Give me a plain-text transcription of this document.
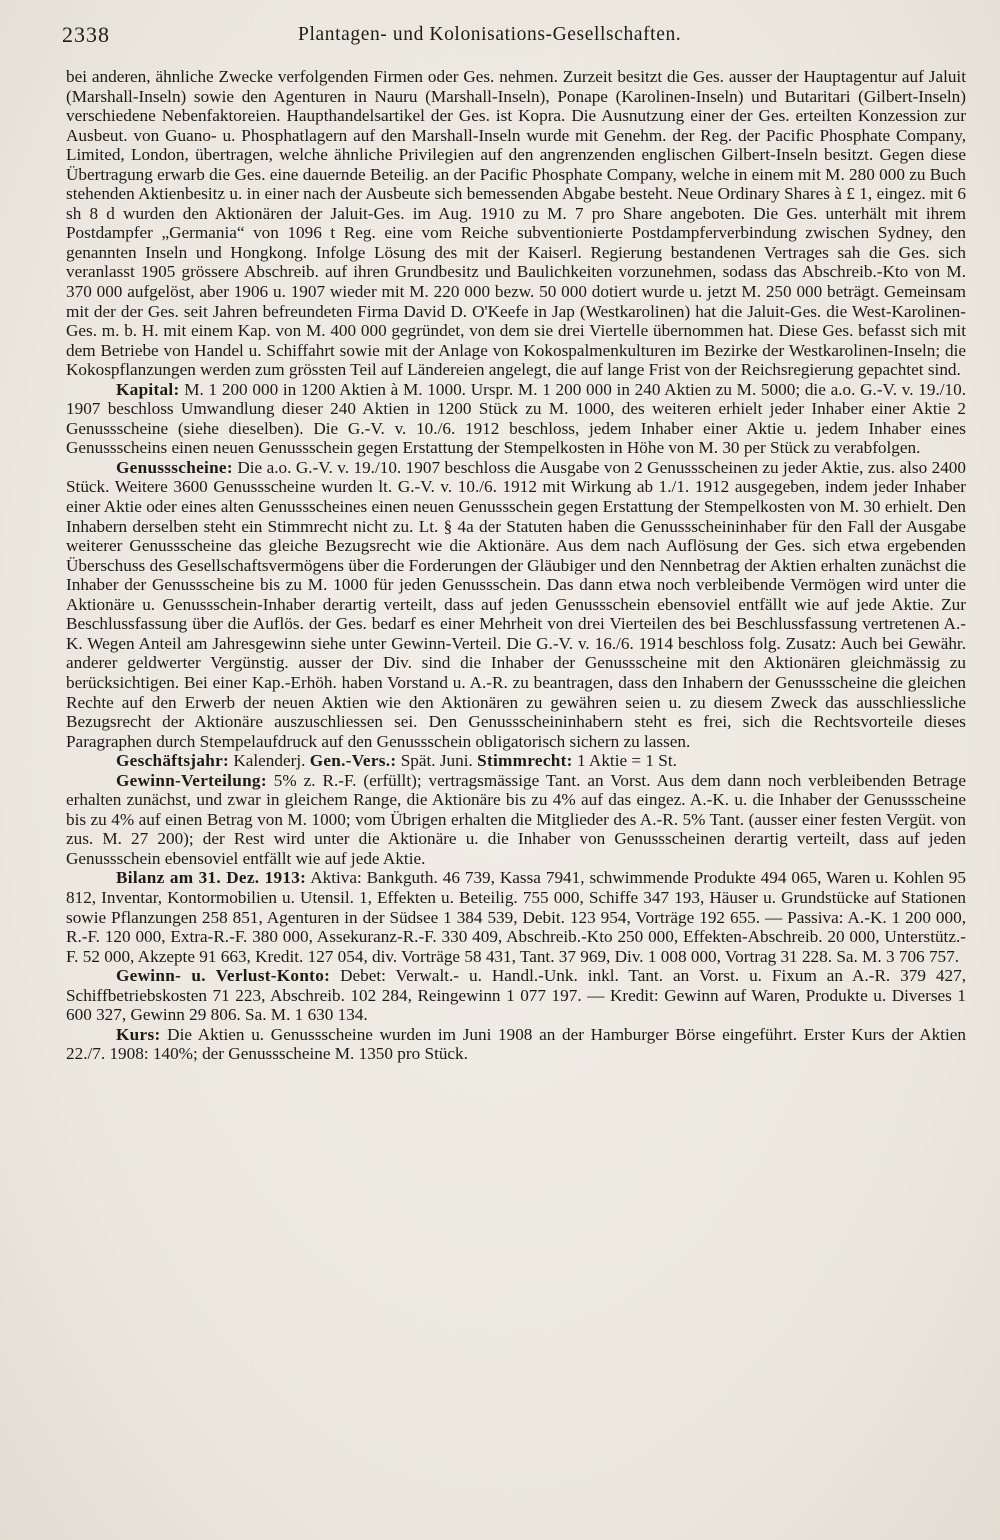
2338	Plantagen- und Kolonisations-Gesellschaften.

bei anderen, ähnliche Zwecke verfolgenden Firmen oder Ges. nehmen. Zurzeit besitzt die Ges. ausser der Hauptagentur auf Jaluit (Marshall-Inseln) sowie den Agenturen in Nauru (Marshall-Inseln), Ponape (Karolinen-Inseln) und Butaritari (Gilbert-Inseln) verschiedene Nebenfaktoreien. Haupthandelsartikel der Ges. ist Kopra. Die Ausnutzung einer der Ges. erteilten Konzession zur Ausbeut. von Guano- u. Phosphatlagern auf den Marshall-Inseln wurde mit Genehm. der Reg. der Pacific Phosphate Company, Limited, London, übertragen, welche ähnliche Privilegien auf den angrenzenden englischen Gilbert-Inseln besitzt. Gegen diese Übertragung erwarb die Ges. eine dauernde Beteilig. an der Pacific Phosphate Company, welche in einem mit M. 280 000 zu Buch stehenden Aktienbesitz u. in einer nach der Ausbeute sich bemessenden Abgabe besteht. Neue Ordinary Shares à £ 1, eingez. mit 6 sh 8 d wurden den Aktionären der Jaluit-Ges. im Aug. 1910 zu M. 7 pro Share angeboten. Die Ges. unterhält mit ihrem Postdampfer „Germania“ von 1096 t Reg. eine vom Reiche subventionierte Postdampferverbindung zwischen Sydney, den genannten Inseln und Hongkong. Infolge Lösung des mit der Kaiserl. Regierung bestandenen Vertrages sah die Ges. sich veranlasst 1905 grössere Abschreib. auf ihren Grundbesitz und Baulichkeiten vorzunehmen, sodass das Abschreib.-Kto von M. 370 000 aufgelöst, aber 1906 u. 1907 wieder mit M. 220 000 bezw. 50 000 dotiert wurde u. jetzt M. 250 000 beträgt. Gemeinsam mit der der Ges. seit Jahren befreundeten Firma David D. O'Keefe in Jap (Westkarolinen) hat die Jaluit-Ges. die West-Karolinen-Ges. m. b. H. mit einem Kap. von M. 400 000 gegründet, von dem sie drei Viertelle übernommen hat. Diese Ges. befasst sich mit dem Betriebe von Handel u. Schiffahrt sowie mit der Anlage von Kokospalmenkulturen im Bezirke der Westkarolinen-Inseln; die Kokospflanzungen werden zum grössten Teil auf Ländereien angelegt, die auf lange Frist von der Reichsregierung gepachtet sind.

Kapital: M. 1 200 000 in 1200 Aktien à M. 1000. Urspr. M. 1 200 000 in 240 Aktien zu M. 5000; die a.o. G.-V. v. 19./10. 1907 beschloss Umwandlung dieser 240 Aktien in 1200 Stück zu M. 1000, des weiteren erhielt jeder Inhaber einer Aktie 2 Genussscheine (siehe dieselben). Die G.-V. v. 10./6. 1912 beschloss, jedem Inhaber einer Aktie u. jedem Inhaber eines Genussscheins einen neuen Genussschein gegen Erstattung der Stempelkosten in Höhe von M. 30 per Stück zu verabfolgen.

Genussscheine: Die a.o. G.-V. v. 19./10. 1907 beschloss die Ausgabe von 2 Genussscheinen zu jeder Aktie, zus. also 2400 Stück. Weitere 3600 Genussscheine wurden lt. G.-V. v. 10./6. 1912 mit Wirkung ab 1./1. 1912 ausgegeben, indem jeder Inhaber einer Aktie oder eines alten Genussscheines einen neuen Genussschein gegen Erstattung der Stempelkosten von M. 30 erhielt. Den Inhabern derselben steht ein Stimmrecht nicht zu. Lt. § 4a der Statuten haben die Genussscheininhaber für den Fall der Ausgabe weiterer Genussscheine das gleiche Bezugsrecht wie die Aktionäre. Aus dem nach Auflösung der Ges. sich etwa ergebenden Überschuss des Gesellschaftsvermögens über die Forderungen der Gläubiger und den Nennbetrag der Aktien erhalten zunächst die Inhaber der Genussscheine bis zu M. 1000 für jeden Genussschein. Das dann etwa noch verbleibende Vermögen wird unter die Aktionäre u. Genussschein-Inhaber derartig verteilt, dass auf jeden Genussschein ebensoviel entfällt wie auf jede Aktie. Zur Beschlussfassung über die Auflös. der Ges. bedarf es einer Mehrheit von drei Vierteilen des bei Beschlussfassung vertretenen A.-K. Wegen Anteil am Jahresgewinn siehe unter Gewinn-Verteil. Die G.-V. v. 16./6. 1914 beschloss folg. Zusatz: Auch bei Gewähr. anderer geldwerter Vergünstig. ausser der Div. sind die Inhaber der Genussscheine mit den Aktionären gleichmässig zu berücksichtigen. Bei einer Kap.-Erhöh. haben Vorstand u. A.-R. zu beantragen, dass den Inhabern der Genussscheine die gleichen Rechte auf den Erwerb der neuen Aktien wie den Aktionären zu gewähren seien u. zu diesem Zweck das ausschliessliche Bezugsrecht der Aktionäre auszuschliessen sei. Den Genussscheininhabern steht es frei, sich die Rechtsvorteile dieses Paragraphen durch Stempelaufdruck auf den Genussschein obligatorisch sichern zu lassen.

Geschäftsjahr: Kalenderj. Gen.-Vers.: Spät. Juni. Stimmrecht: 1 Aktie = 1 St.

Gewinn-Verteilung: 5% z. R.-F. (erfüllt); vertragsmässige Tant. an Vorst. Aus dem dann noch verbleibenden Betrage erhalten zunächst, und zwar in gleichem Range, die Aktionäre bis zu 4% auf das eingez. A.-K. u. die Inhaber der Genussscheine bis zu 4% auf einen Betrag von M. 1000; vom Übrigen erhalten die Mitglieder des A.-R. 5% Tant. (ausser einer festen Vergüt. von zus. M. 27 200); der Rest wird unter die Aktionäre u. die Inhaber von Genussscheinen derartig verteilt, dass auf jeden Genussschein ebensoviel entfällt wie auf jede Aktie.

Bilanz am 31. Dez. 1913: Aktiva: Bankguth. 46 739, Kassa 7941, schwimmende Produkte 494 065, Waren u. Kohlen 95 812, Inventar, Kontormobilien u. Utensil. 1, Effekten u. Beteilig. 755 000, Schiffe 347 193, Häuser u. Grundstücke auf Stationen sowie Pflanzungen 258 851, Agenturen in der Südsee 1 384 539, Debit. 123 954, Vorträge 192 655. — Passiva: A.-K. 1 200 000, R.-F. 120 000, Extra-R.-F. 380 000, Assekuranz-R.-F. 330 409, Abschreib.-Kto 250 000, Effekten-Abschreib. 20 000, Unterstütz.-F. 52 000, Akzepte 91 663, Kredit. 127 054, div. Vorträge 58 431, Tant. 37 969, Div. 1 008 000, Vortrag 31 228. Sa. M. 3 706 757.

Gewinn- u. Verlust-Konto: Debet: Verwalt.- u. Handl.-Unk. inkl. Tant. an Vorst. u. Fixum an A.-R. 379 427, Schiffbetriebskosten 71 223, Abschreib. 102 284, Reingewinn 1 077 197. — Kredit: Gewinn auf Waren, Produkte u. Diverses 1 600 327, Gewinn 29 806. Sa. M. 1 630 134.

Kurs: Die Aktien u. Genussscheine wurden im Juni 1908 an der Hamburger Börse eingeführt. Erster Kurs der Aktien 22./7. 1908: 140%; der Genussscheine M. 1350 pro Stück.
